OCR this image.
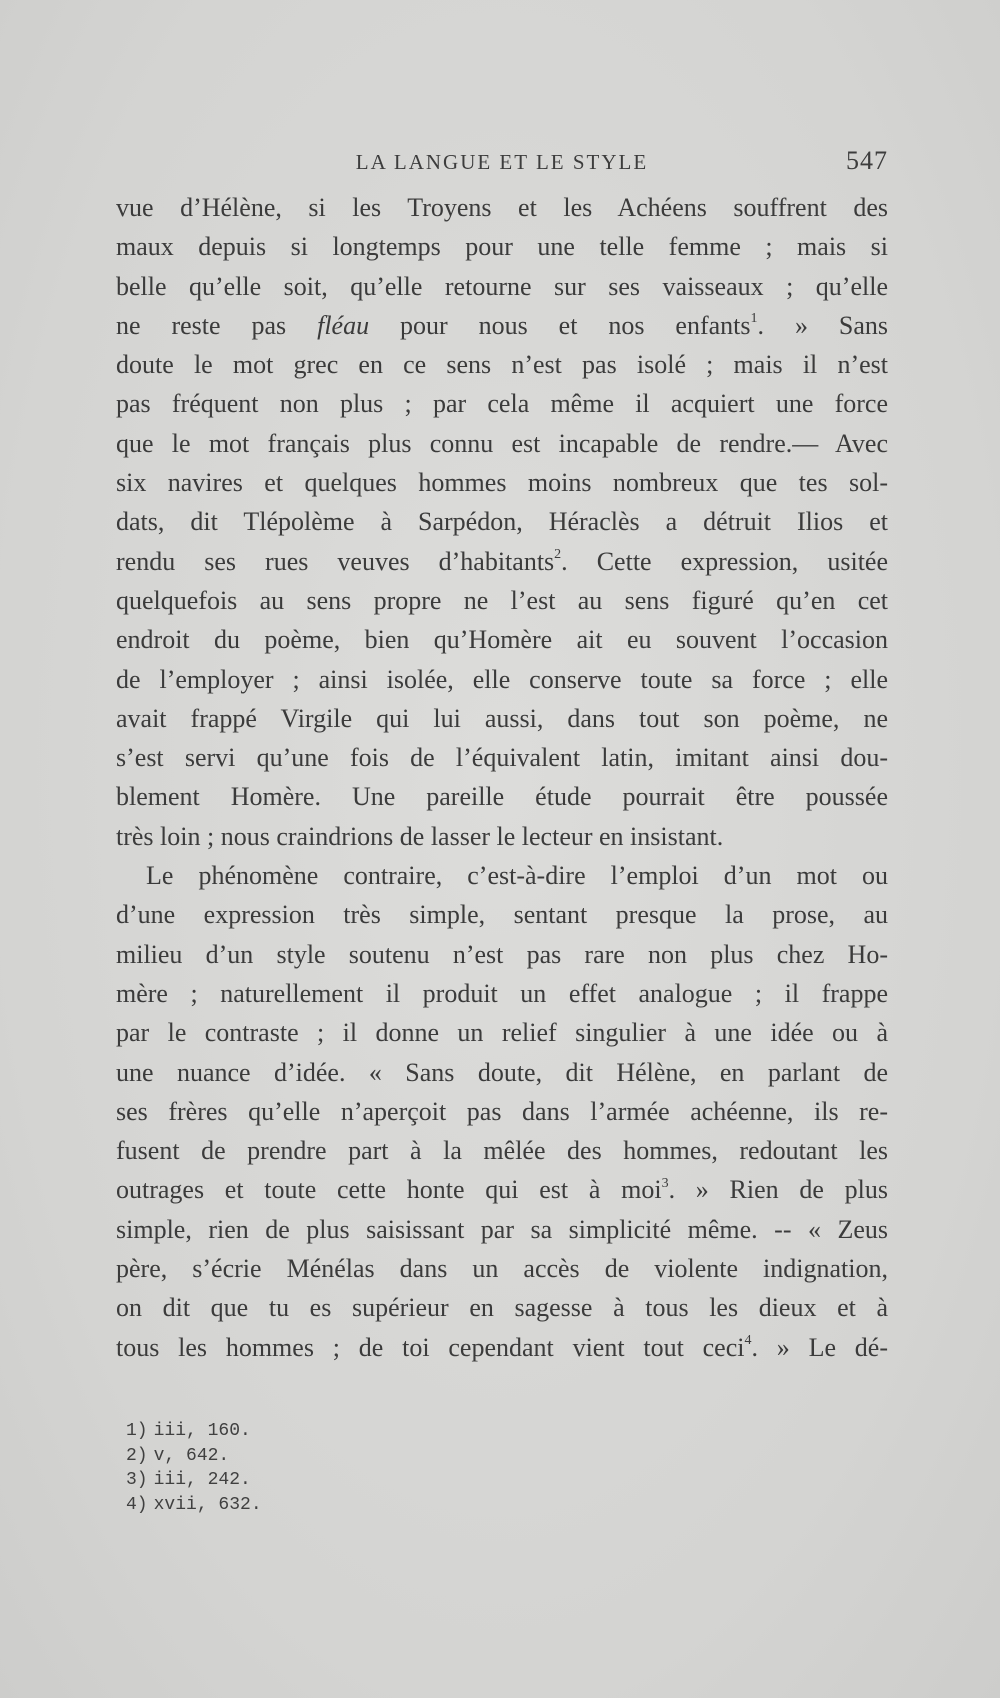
LA LANGUE ET LE STYLE	547
vue d’Hélène, si les Troyens et les Achéens souffrent des
maux depuis si longtemps pour une telle femme ; mais si
belle qu’elle soit, qu’elle retourne sur ses vaisseaux ; qu’elle
ne reste pas fléau pour nous et nos enfants$^1$. » Sans
doute le mot grec en ce sens n’est pas isolé ; mais il n’est
pas fréquent non plus ; par cela même il acquiert une force
que le mot français plus connu est incapable de rendre.— Avec
six navires et quelques hommes moins nombreux que tes sol-
dats, dit Tlépolème à Sarpédon, Héraclès a détruit Ilios et
rendu ses rues veuves d’habitants$^2$. Cette expression, usitée
quelquefois au sens propre ne l’est au sens figuré qu’en cet
endroit du poème, bien qu’Homère ait eu souvent l’occasion
de l’employer ; ainsi isolée, elle conserve toute sa force ; elle
avait frappé Virgile qui lui aussi, dans tout son poème, ne
s’est servi qu’une fois de l’équivalent latin, imitant ainsi dou-
blement Homère. Une pareille étude pourrait être poussée
très loin ; nous craindrions de lasser le lecteur en insistant.
Le phénomène contraire, c’est-à-dire l’emploi d’un mot ou
d’une expression très simple, sentant presque la prose, au
milieu d’un style soutenu n’est pas rare non plus chez Ho-
mère ; naturellement il produit un effet analogue ; il frappe
par le contraste ; il donne un relief singulier à une idée ou à
une nuance d’idée. « Sans doute, dit Hélène, en parlant de
ses frères qu’elle n’aperçoit pas dans l’armée achéenne, ils re-
fusent de prendre part à la mêlée des hommes, redoutant les
outrages et toute cette honte qui est à moi$^3$. » Rien de plus
simple, rien de plus saisissant par sa simplicité même. -- « Zeus
père, s’écrie Ménélas dans un accès de violente indignation,
on dit que tu es supérieur en sagesse à tous les dieux et à
tous les hommes ; de toi cependant vient tout ceci$^4$. » Le dé-
1) iii, 160.
2) v, 642.
3) iii, 242.
4) xvii, 632.
